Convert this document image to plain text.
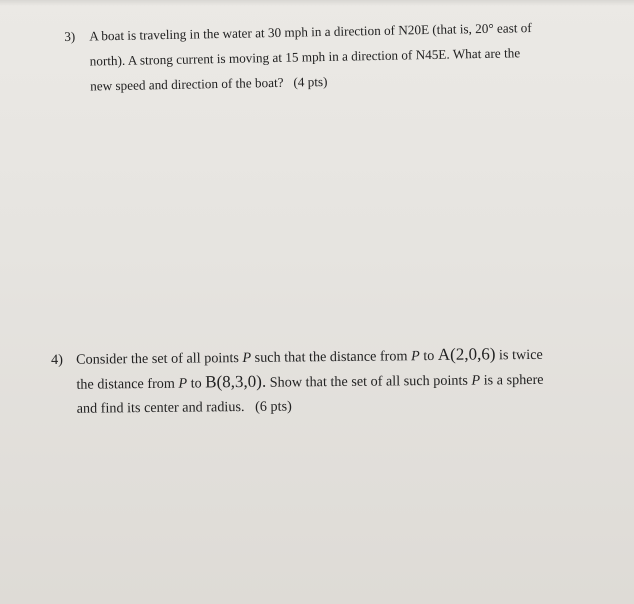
3) A boat is traveling in the water at 30 mph in a direction of N20E (that is, 20° east of
north). A strong current is moving at 15 mph in a direction of N45E. What are the
new speed and direction of the boat? (4 pts)
4) Consider the set of all points P such that the distance from P to A(2,0,6) is twice
the distance from P to B(8,3,0). Show that the set of all such points P is a sphere
and find its center and radius. (6 pts)
